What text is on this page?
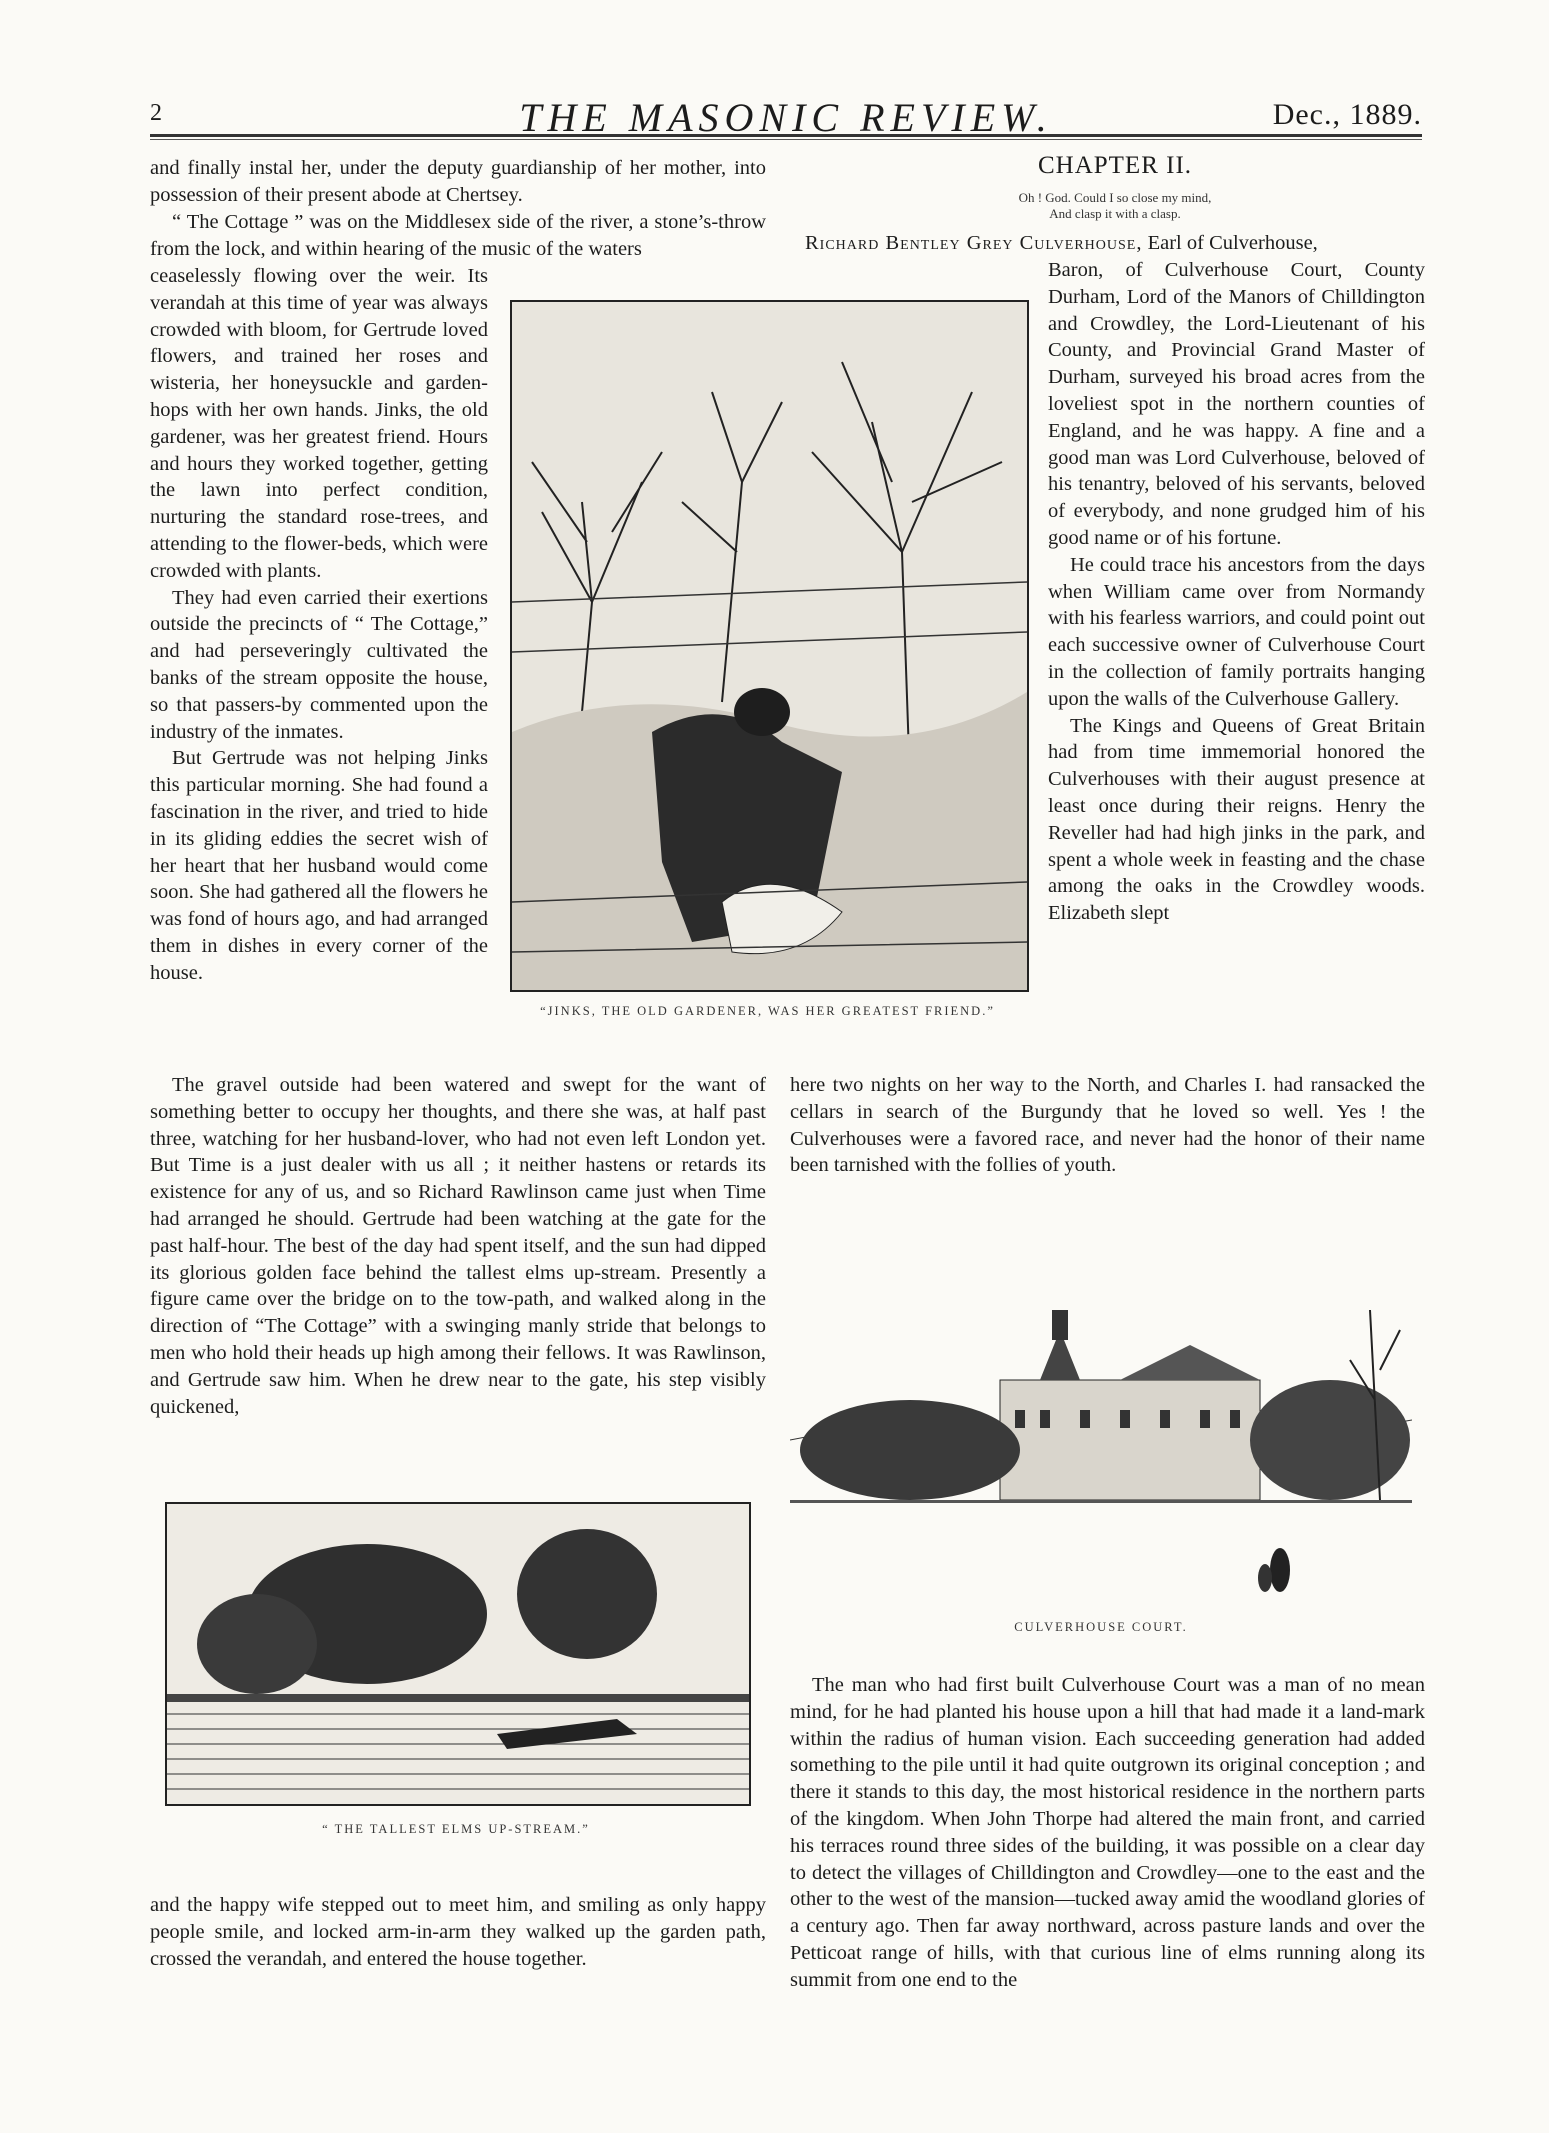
2	THE MASONIC REVIEW.	Dec., 1889.

and finally instal her, under the deputy guardianship of her mother, into possession of their present abode at Chertsey.

“ The Cottage ” was on the Middlesex side of the river, a stone’s-throw from the lock, and within hearing of the music of the waters

ceaselessly flowing over the weir. Its verandah at this time of year was always crowded with bloom, for Gertrude loved flowers, and trained her roses and wisteria, her honeysuckle and garden-hops with her own hands. Jinks, the old gardener, was her greatest friend. Hours and hours they worked together, getting the lawn into perfect condition, nurturing the standard rose-trees, and attending to the flower-beds, which were crowded with plants.

They had even carried their exertions outside the precincts of “ The Cottage,” and had perseveringly cultivated the banks of the stream opposite the house, so that passers-by commented upon the industry of the inmates.

But Gertrude was not helping Jinks this particular morning. She had found a fascination in the river, and tried to hide in its gliding eddies the secret wish of her heart that her husband would come soon. She had gathered all the flowers he was fond of hours ago, and had arranged them in dishes in every corner of the house.

“JINKS, THE OLD GARDENER, WAS HER GREATEST FRIEND.”

The gravel outside had been watered and swept for the want of something better to occupy her thoughts, and there she was, at half past three, watching for her husband-lover, who had not even left London yet. But Time is a just dealer with us all ; it neither hastens or retards its existence for any of us, and so Richard Rawlinson came just when Time had arranged he should. Gertrude had been watching at the gate for the past half-hour. The best of the day had spent itself, and the sun had dipped its glorious golden face behind the tallest elms up-stream. Presently a figure came over the bridge on to the tow-path, and walked along in the direction of “The Cottage” with a swinging manly stride that belongs to men who hold their heads up high among their fellows. It was Rawlinson, and Gertrude saw him. When he drew near to the gate, his step visibly quickened,

“ THE TALLEST ELMS UP-STREAM.”

and the happy wife stepped out to meet him, and smiling as only happy people smile, and locked arm-in-arm they walked up the garden path, crossed the verandah, and entered the house together.

CHAPTER II.
Oh ! God. Could I so close my mind,
And clasp it with a clasp.

Richard Bentley Grey Culverhouse, Earl of Culverhouse,

Baron, of Culverhouse Court, County Durham, Lord of the Manors of Chilldington and Crowdley, the Lord-Lieutenant of his County, and Provincial Grand Master of Durham, surveyed his broad acres from the loveliest spot in the northern counties of England, and he was happy. A fine and a good man was Lord Culverhouse, beloved of his tenantry, beloved of his servants, beloved of everybody, and none grudged him of his good name or of his fortune.

He could trace his ancestors from the days when William came over from Normandy with his fearless warriors, and could point out each successive owner of Culverhouse Court in the collection of family portraits hanging upon the walls of the Culverhouse Gallery.

The Kings and Queens of Great Britain had from time immemorial honored the Culverhouses with their august presence at least once during their reigns. Henry the Reveller had had high jinks in the park, and spent a whole week in feasting and the chase among the oaks in the Crowdley woods. Elizabeth slept

here two nights on her way to the North, and Charles I. had ransacked the cellars in search of the Burgundy that he loved so well. Yes ! the Culverhouses were a favored race, and never had the honor of their name been tarnished with the follies of youth.

CULVERHOUSE COURT.

The man who had first built Culverhouse Court was a man of no mean mind, for he had planted his house upon a hill that had made it a land-mark within the radius of human vision. Each succeeding generation had added something to the pile until it had quite outgrown its original conception ; and there it stands to this day, the most historical residence in the northern parts of the kingdom. When John Thorpe had altered the main front, and carried his terraces round three sides of the building, it was possible on a clear day to detect the villages of Chilldington and Crowdley—one to the east and the other to the west of the mansion—tucked away amid the woodland glories of a century ago. Then far away northward, across pasture lands and over the Petticoat range of hills, with that curious line of elms running along its summit from one end to the
